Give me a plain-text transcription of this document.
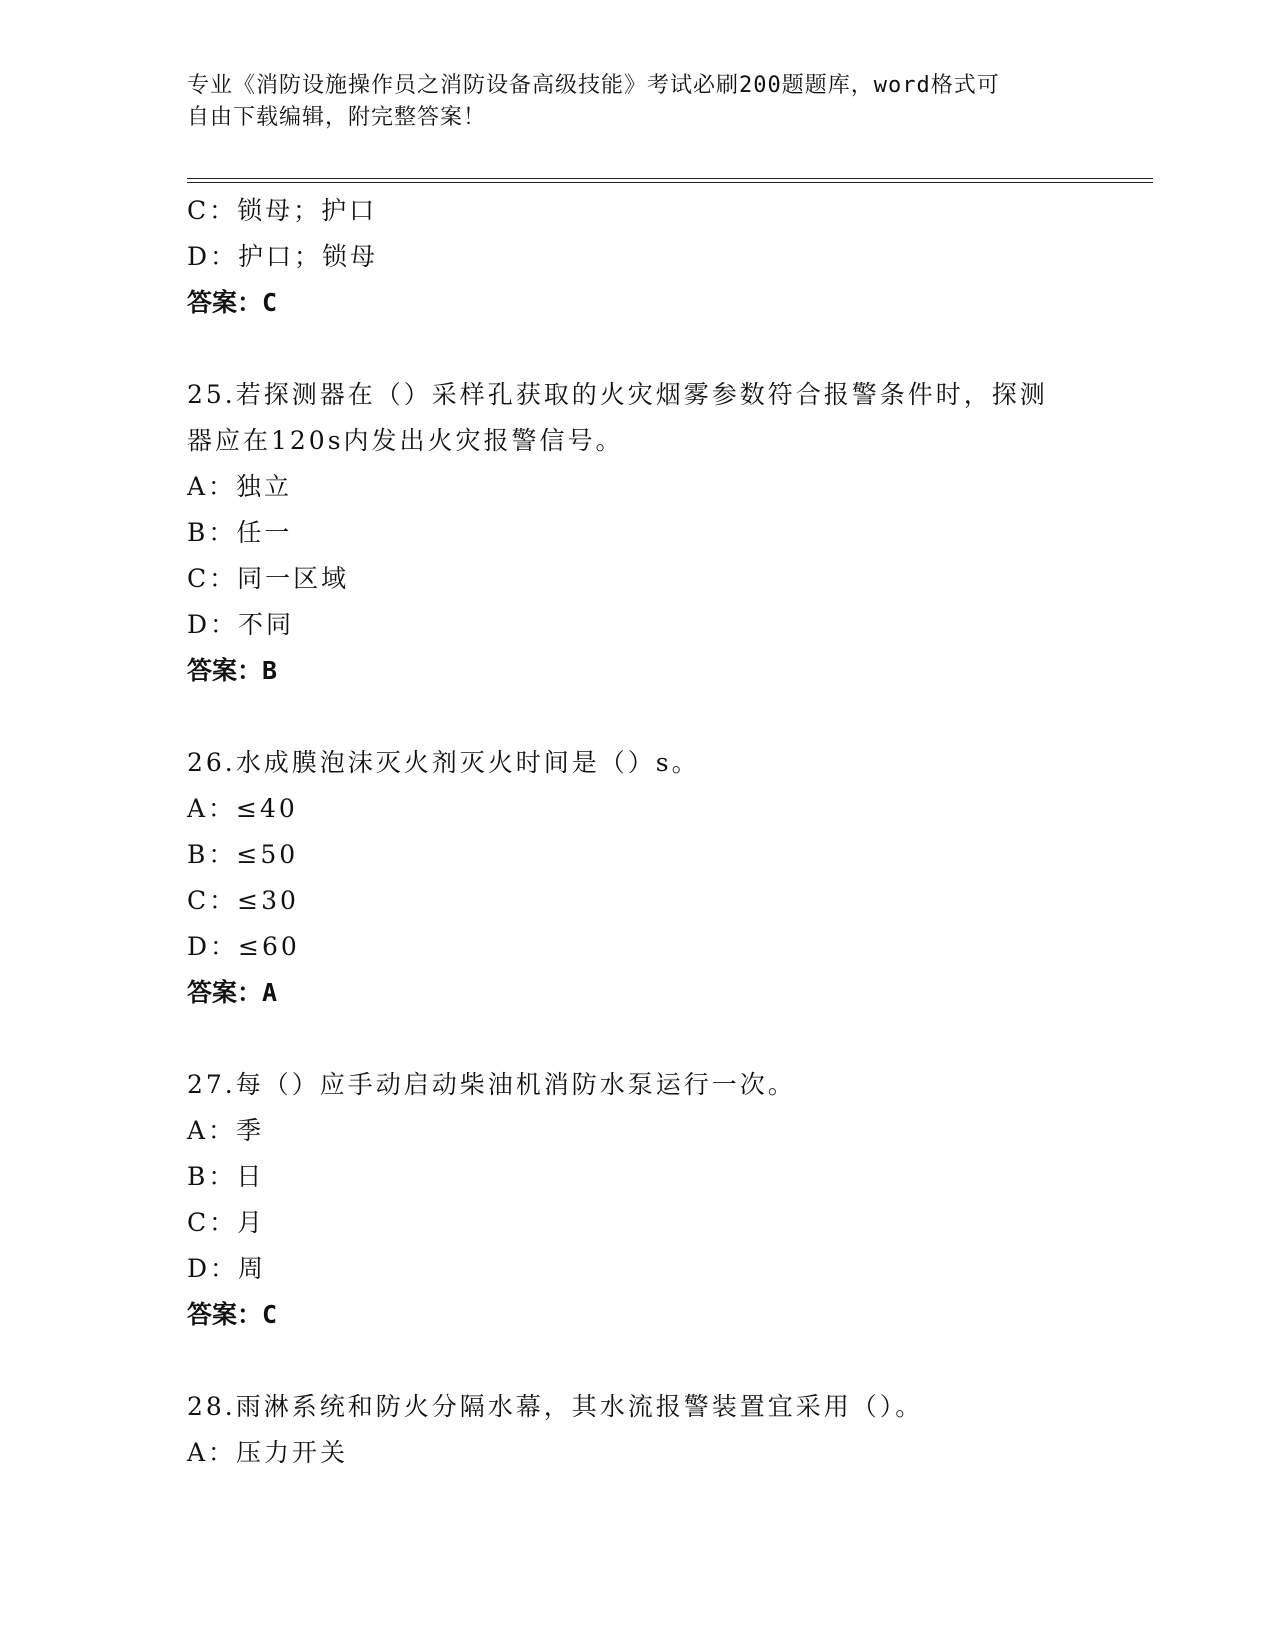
专业《消防设施操作员之消防设备高级技能》考试必刷200题题库，word格式可
自由下载编辑，附完整答案！
C：锁母；护口
D：护口；锁母
答案：C
25.若探测器在（）采样孔获取的火灾烟雾参数符合报警条件时，探测
器应在120s内发出火灾报警信号。
A：独立
B：任一
C：同一区域
D：不同
答案：B
26.水成膜泡沫灭火剂灭火时间是（）s。
A：≤40
B：≤50
C：≤30
D：≤60
答案：A
27.每（）应手动启动柴油机消防水泵运行一次。
A：季
B：日
C：月
D：周
答案：C
28.雨淋系统和防火分隔水幕，其水流报警装置宜采用（）。
A：压力开关
